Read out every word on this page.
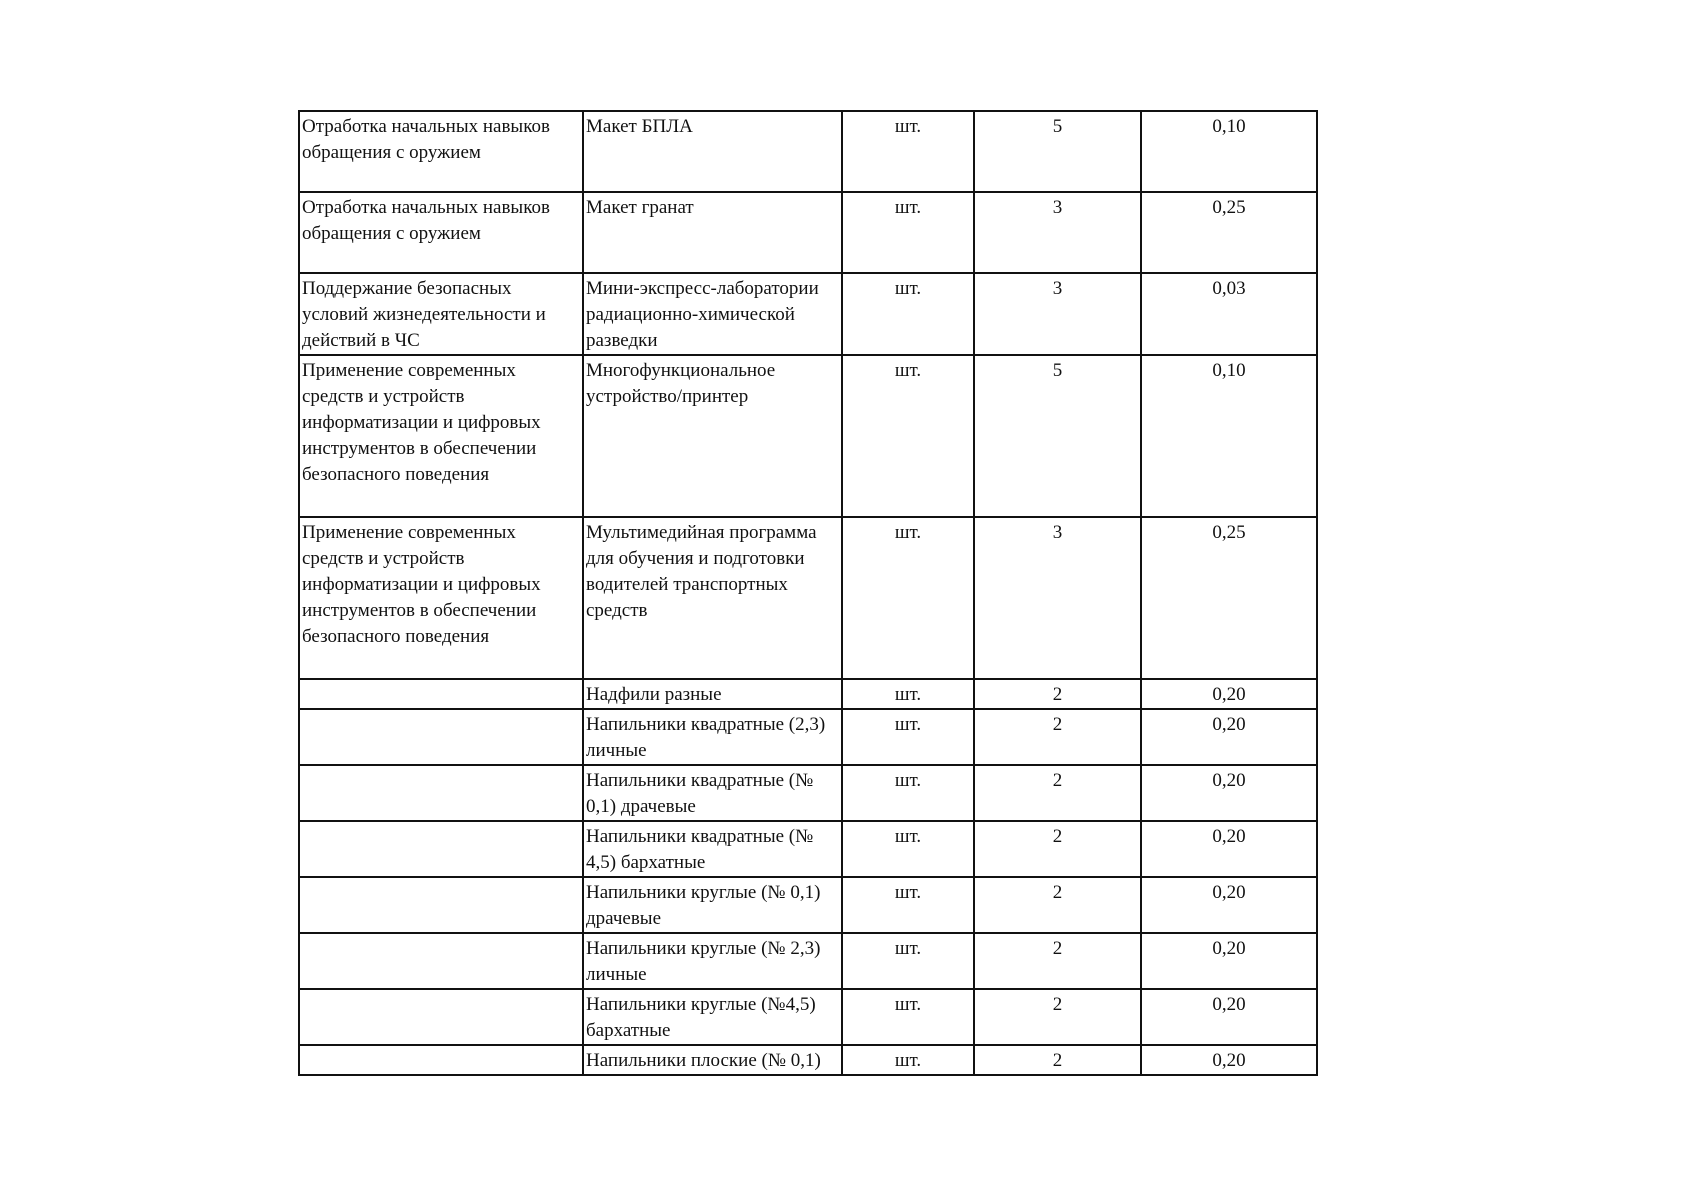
Отработка начальных навыков обращения с оружием	Макет БПЛА	шт.	5	0,10
Отработка начальных навыков обращения с оружием	Макет гранат	шт.	3	0,25
Поддержание безопасных условий жизнедеятельности и действий в ЧС	Мини-экспресс-лаборатории радиационно-химической разведки	шт.	3	0,03
Применение современных средств и устройств информатизации и цифровых инструментов в обеспечении безопасного поведения	Многофункциональное устройство/принтер	шт.	5	0,10
Применение современных средств и устройств информатизации и цифровых инструментов в обеспечении безопасного поведения	Мультимедийная программа для обучения и подготовки водителей транспортных средств	шт.	3	0,25
	Надфили разные	шт.	2	0,20
	Напильники квадратные (2,3) личные	шт.	2	0,20
	Напильники квадратные (№ 0,1) драчевые	шт.	2	0,20
	Напильники квадратные (№ 4,5) бархатные	шт.	2	0,20
	Напильники круглые (№ 0,1) драчевые	шт.	2	0,20
	Напильники круглые (№ 2,3) личные	шт.	2	0,20
	Напильники круглые (№4,5) бархатные	шт.	2	0,20
	Напильники плоские (№ 0,1)	шт.	2	0,20
